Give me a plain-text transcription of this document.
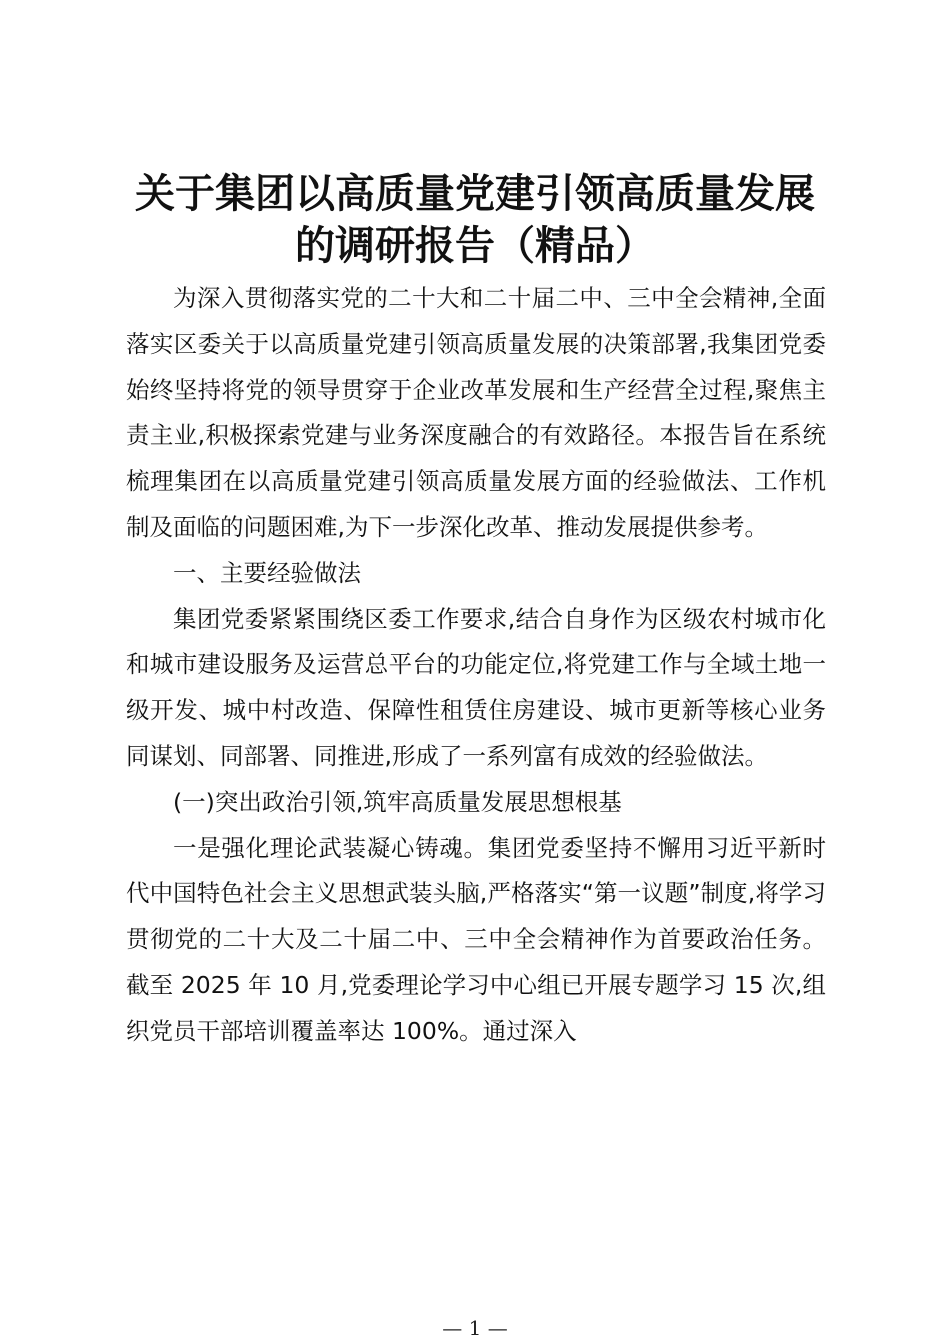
关于集团以高质量党建引领高质量发展
的调研报告（精品）

为深入贯彻落实党的二十大和二十届二中、三中全会精神,全面落实区委关于以高质量党建引领高质量发展的决策部署,我集团党委始终坚持将党的领导贯穿于企业改革发展和生产经营全过程,聚焦主责主业,积极探索党建与业务深度融合的有效路径。本报告旨在系统梳理集团在以高质量党建引领高质量发展方面的经验做法、工作机制及面临的问题困难,为下一步深化改革、推动发展提供参考。

一、主要经验做法

集团党委紧紧围绕区委工作要求,结合自身作为区级农村城市化和城市建设服务及运营总平台的功能定位,将党建工作与全域土地一级开发、城中村改造、保障性租赁住房建设、城市更新等核心业务同谋划、同部署、同推进,形成了一系列富有成效的经验做法。

(一)突出政治引领,筑牢高质量发展思想根基

一是强化理论武装凝心铸魂。集团党委坚持不懈用习近平新时代中国特色社会主义思想武装头脑,严格落实“第一议题”制度,将学习贯彻党的二十大及二十届二中、三中全会精神作为首要政治任务。截至 2025 年 10 月,党委理论学习中心组已开展专题学习 15 次,组织党员干部培训覆盖率达 100%。通过深入

— 1 —
